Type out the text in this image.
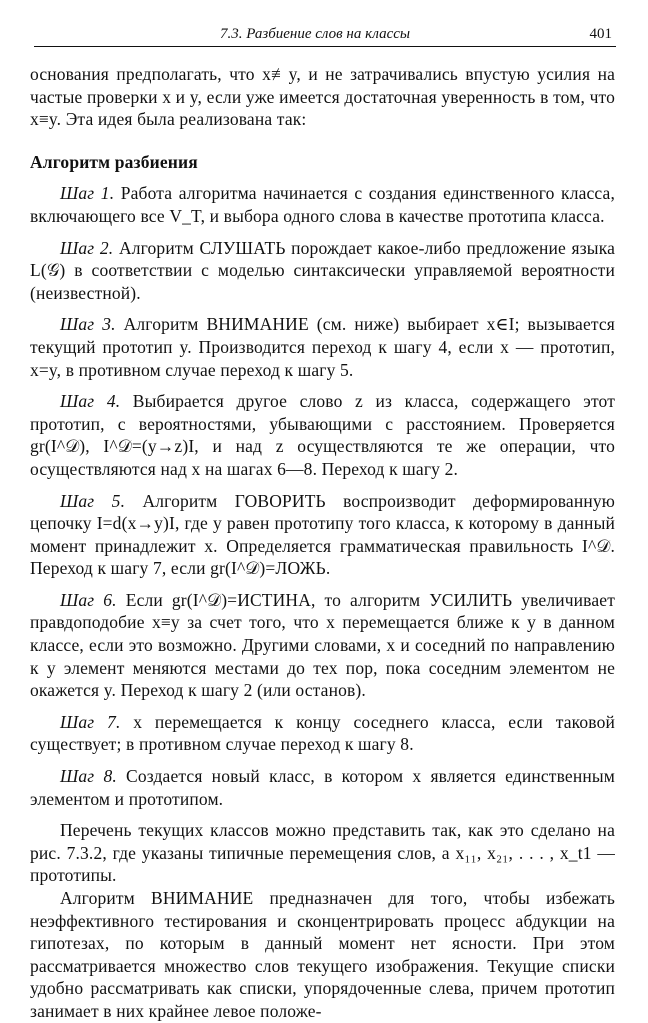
7.3. Разбиение слов на классы	401

основания предполагать, что x≢y, и не затрачивались впустую усилия на частые проверки x и y, если уже имеется достаточная уверенность в том, что x≡y. Эта идея была реализована так:

Алгоритм разбиения

Шаг 1. Работа алгоритма начинается с создания единственного класса, включающего все V_T, и выбора одного слова в качестве прототипа класса.

Шаг 2. Алгоритм СЛУШАТЬ порождает какое-либо предложение языка L(𝒢) в соответствии с моделью синтаксически управляемой вероятности (неизвестной).

Шаг 3. Алгоритм ВНИМАНИЕ (см. ниже) выбирает x∈I; вызывается текущий прототип y. Производится переход к шагу 4, если x — прототип, x=y, в противном случае переход к шагу 5.

Шаг 4. Выбирается другое слово z из класса, содержащего этот прототип, с вероятностями, убывающими с расстоянием. Проверяется gr(I^𝒟), I^𝒟=(y→z)I, и над z осуществляются те же операции, что осуществляются над x на шагах 6—8. Переход к шагу 2.

Шаг 5. Алгоритм ГОВОРИТЬ воспроизводит деформированную цепочку I=d(x→y)I, где y равен прототипу того класса, к которому в данный момент принадлежит x. Определяется грамматическая правильность I^𝒟. Переход к шагу 7, если gr(I^𝒟)=ЛОЖЬ.

Шаг 6. Если gr(I^𝒟)=ИСТИНА, то алгоритм УСИЛИТЬ увеличивает правдоподобие x≡y за счет того, что x перемещается ближе к y в данном классе, если это возможно. Другими словами, x и соседний по направлению к y элемент меняются местами до тех пор, пока соседним элементом не окажется y. Переход к шагу 2 (или останов).

Шаг 7. x перемещается к концу соседнего класса, если таковой существует; в противном случае переход к шагу 8.

Шаг 8. Создается новый класс, в котором x является единственным элементом и прототипом.

Перечень текущих классов можно представить так, как это сделано на рис. 7.3.2, где указаны типичные перемещения слов, а x₁₁, x₂₁, . . . , x_t1 — прототипы.

Алгоритм ВНИМАНИЕ предназначен для того, чтобы избежать неэффективного тестирования и сконцентрировать процесс абдукции на гипотезах, по которым в данный момент нет ясности. При этом рассматривается множество слов текущего изображения. Текущие списки удобно рассматривать как списки, упорядоченные слева, причем прототип занимает в них крайнее левое положе-
